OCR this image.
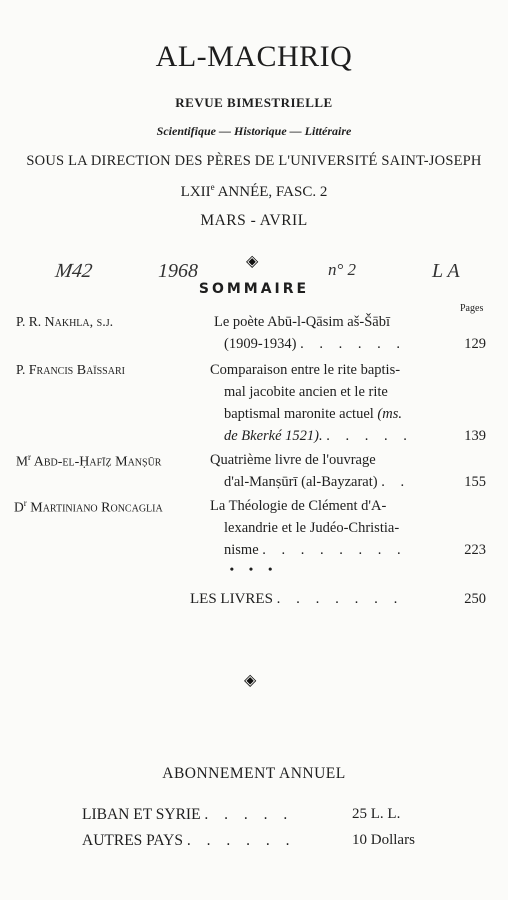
AL-MACHRIQ
REVUE BIMESTRIELLE
Scientifique — Historique — Littéraire
SOUS LA DIRECTION DES PÈRES DE L'UNIVERSITÉ SAINT-JOSEPH
LXIIe ANNÉE, FASC. 2
MARS - AVRIL
M42	1968	n° 2	L A
◈
SOMMAIRE
Pages
P. R. Nakhla, s.j.	Le poète Abū-l-Qāsim aš-Šābī
(1909-1934) . . . . . .	129
P. Francis Baïssari	Comparaison entre le rite baptis-
mal jacobite ancien et le rite
baptismal maronite actuel (ms.
de Bkerké 1521). . . . . .	139
$M^r$ Abd-el-Ḥafīẓ Manṣūr	Quatrième livre de l'ouvrage
d'al-Manṣūrī (al-Bayzarat) . .	155
$D^r$ Martiniano Roncaglia	La Théologie de Clément d'A-
lexandrie et le Judéo-Christia-
nisme . . . . . . . .	223
• • •
LES LIVRES . . . . . . .	250
◈
ABONNEMENT ANNUEL
LIBAN ET SYRIE . . . . .	25 L. L.
AUTRES PAYS . . . . . .	10 Dollars
